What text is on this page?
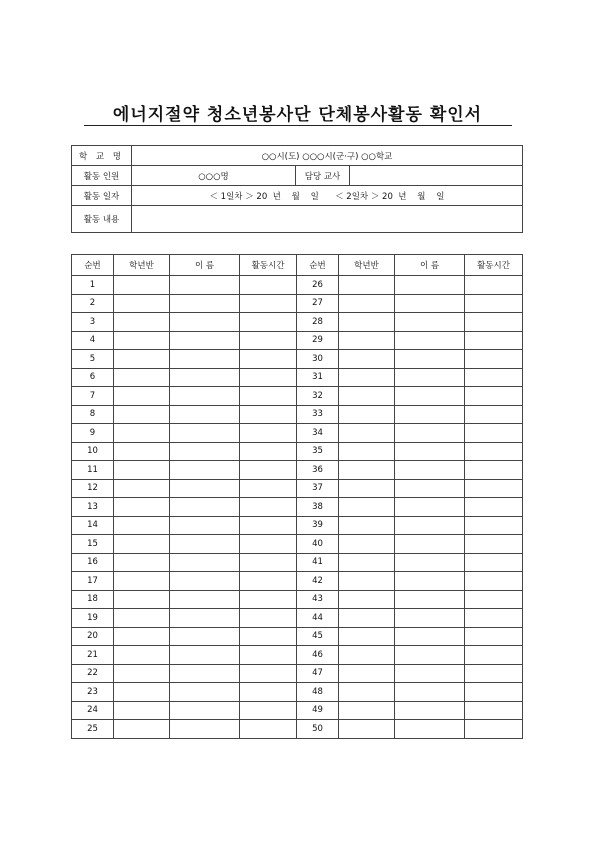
에너지절약 청소년봉사단 단체봉사활동 확인서
학 교 명	○○시(도) ○○○시(군·구) ○○학교		
활동 인원	○○○명	담당 교사	
활동 일자	＜ 1일차 ＞ 20  년    월    일      ＜ 2일차 ＞ 20  년    월    일		
활동 내용			
순번	학년반	이 름	활동시간	순번	학년반	이 름	활동시간
1				26			
2				27			
3				28			
4				29			
5				30			
6				31			
7				32			
8				33			
9				34			
10				35			
11				36			
12				37			
13				38			
14				39			
15				40			
16				41			
17				42			
18				43			
19				44			
20				45			
21				46			
22				47			
23				48			
24				49			
25				50			
